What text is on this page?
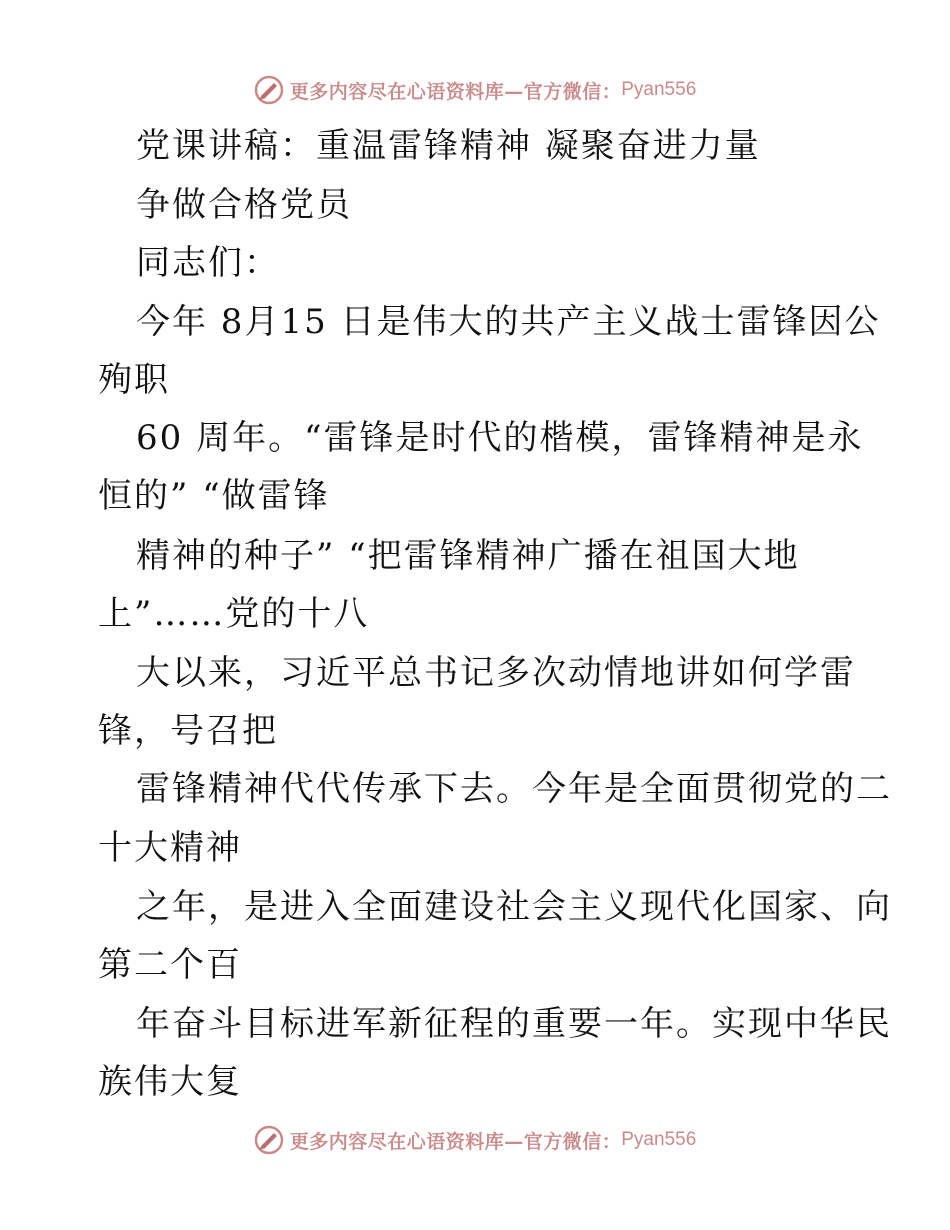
更多内容尽在心语资料库—官方微信： Pyan556
党课讲稿：重温雷锋精神 凝聚奋进力量
争做合格党员
同志们：
今年 8月15 日是伟大的共产主义战士雷锋因公
殉职
60 周年。“雷锋是时代的楷模，雷锋精神是永
恒的” “做雷锋
精神的种子” “把雷锋精神广播在祖国大地
上”……党的十八
大以来，习近平总书记多次动情地讲如何学雷
锋，号召把
雷锋精神代代传承下去。今年是全面贯彻党的二
十大精神
之年，是进入全面建设社会主义现代化国家、向
第二个百
年奋斗目标进军新征程的重要一年。实现中华民
族伟大复
更多内容尽在心语资料库—官方微信： Pyan556
